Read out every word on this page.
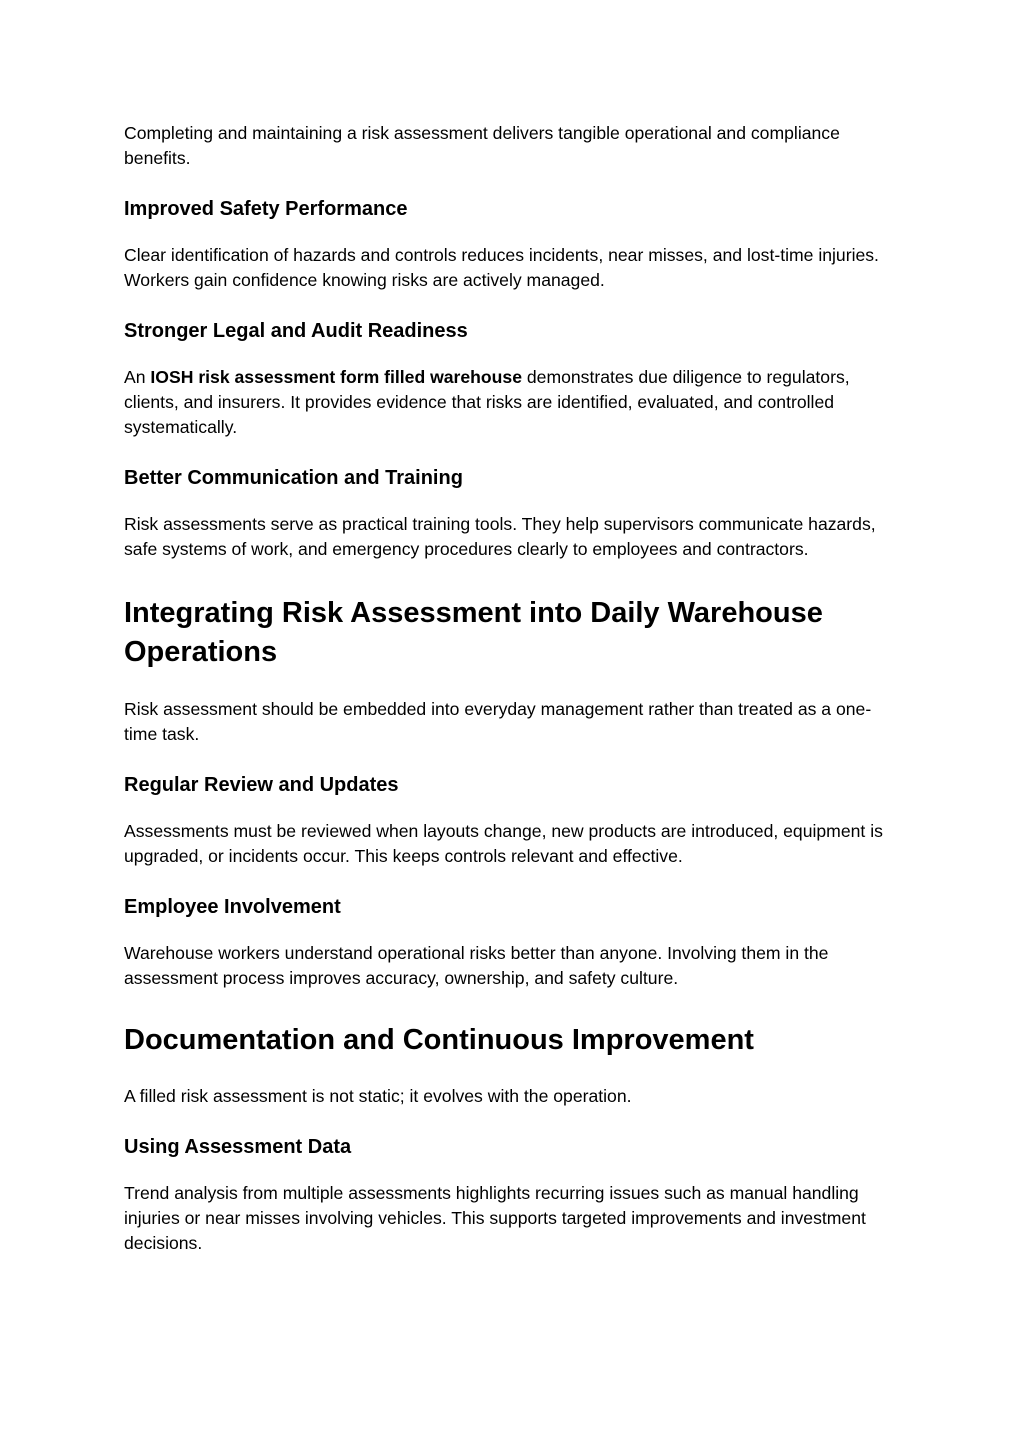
Completing and maintaining a risk assessment delivers tangible operational and compliance benefits.

Improved Safety Performance

Clear identification of hazards and controls reduces incidents, near misses, and lost-time injuries. Workers gain confidence knowing risks are actively managed.

Stronger Legal and Audit Readiness

An IOSH risk assessment form filled warehouse demonstrates due diligence to regulators, clients, and insurers. It provides evidence that risks are identified, evaluated, and controlled systematically.

Better Communication and Training

Risk assessments serve as practical training tools. They help supervisors communicate hazards, safe systems of work, and emergency procedures clearly to employees and contractors.

Integrating Risk Assessment into Daily Warehouse Operations

Risk assessment should be embedded into everyday management rather than treated as a one-time task.

Regular Review and Updates

Assessments must be reviewed when layouts change, new products are introduced, equipment is upgraded, or incidents occur. This keeps controls relevant and effective.

Employee Involvement

Warehouse workers understand operational risks better than anyone. Involving them in the assessment process improves accuracy, ownership, and safety culture.

Documentation and Continuous Improvement

A filled risk assessment is not static; it evolves with the operation.

Using Assessment Data

Trend analysis from multiple assessments highlights recurring issues such as manual handling injuries or near misses involving vehicles. This supports targeted improvements and investment decisions.
